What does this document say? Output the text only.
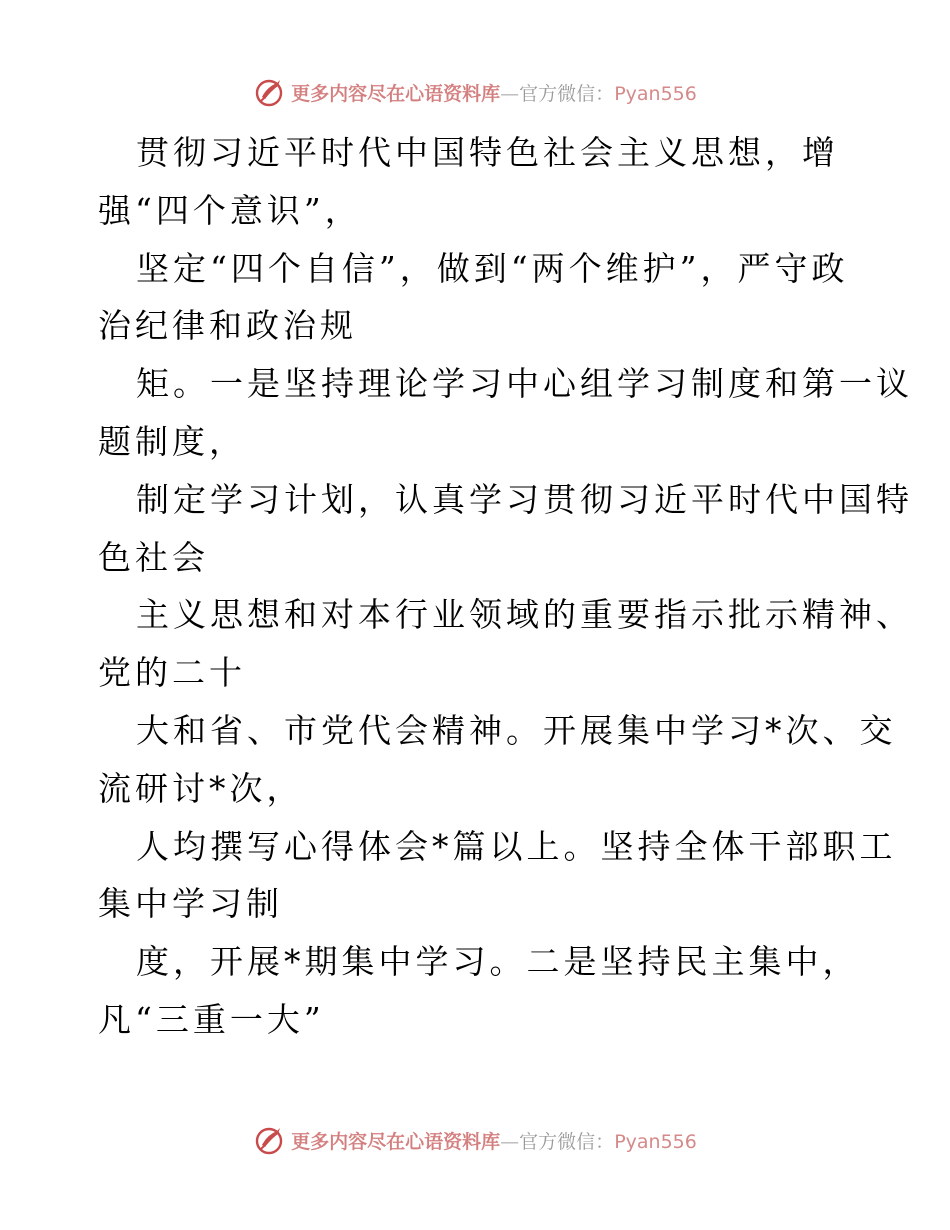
更多内容尽在心语资料库—官方微信：Pyan556
贯彻习近平时代中国特色社会主义思想，增
强“四个意识”，
坚定“四个自信”，做到“两个维护”，严守政
治纪律和政治规
矩。一是坚持理论学习中心组学习制度和第一议
题制度，
制定学习计划，认真学习贯彻习近平时代中国特
色社会
主义思想和对本行业领域的重要指示批示精神、
党的二十
大和省、市党代会精神。开展集中学习*次、交
流研讨*次，
人均撰写心得体会*篇以上。坚持全体干部职工
集中学习制
度，开展*期集中学习。二是坚持民主集中，
凡“三重一大”
更多内容尽在心语资料库—官方微信：Pyan556
